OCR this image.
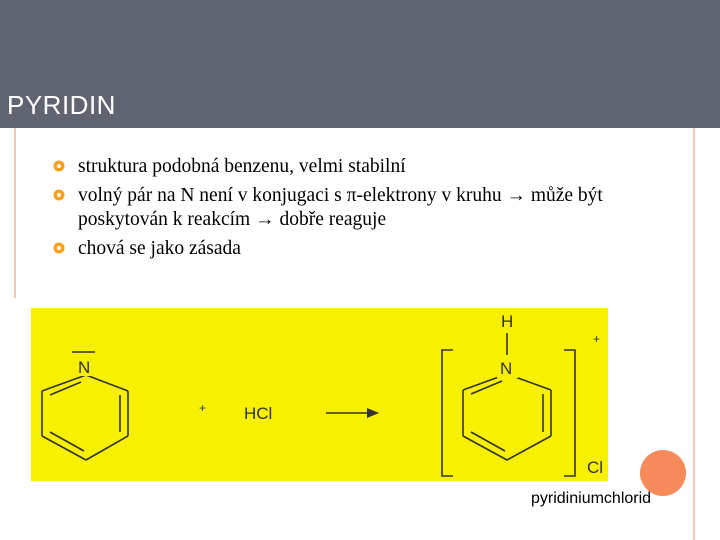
PYRIDIN
struktura podobná benzenu, velmi stabilní
volný pár na N není v konjugaci s π-elektrony v kruhu → může být poskytován k reakcím → dobře reaguje
chová se jako zásada
N
+ HCl
H
N
+
Cl
pyridiniumchlorid
